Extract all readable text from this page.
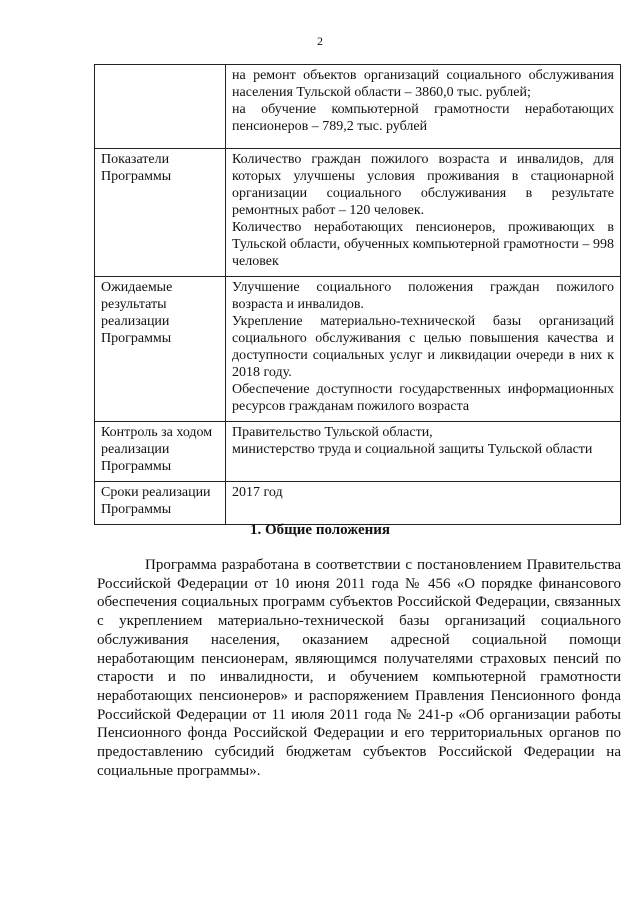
2

	на ремонт объектов организаций социального обслуживания населения Тульской области – 3860,0 тыс. рублей;

на обучение компьютерной грамотности неработающих пенсионеров – 789,2 тыс. рублей

Показатели Программы	Количество граждан пожилого возраста и инвалидов, для которых улучшены условия проживания в стационарной организации социального обслуживания в результате ремонтных работ – 120 человек.

Количество неработающих пенсионеров, проживающих в Тульской области, обученных компьютерной грамотности – 998 человек

Ожидаемые результаты реализации Программы	Улучшение социального положения граждан пожилого возраста и инвалидов.

Укрепление материально-технической базы организаций социального обслуживания с целью повышения качества и доступности социальных услуг и ликвидации очереди в них к 2018 году.

Обеспечение доступности государственных информационных ресурсов гражданам пожилого возраста

Контроль за ходом реализации Программы	Правительство Тульской области,

министерство труда и социальной защиты Тульской области

Сроки реализации Программы	2017 год

1. Общие положения

Программа разработана в соответствии с постановлением Правительства Российской Федерации от 10 июня 2011 года № 456 «О порядке финансового обеспечения социальных программ субъектов Российской Федерации, связанных с укреплением материально-технической базы организаций социального обслуживания населения, оказанием адресной социальной помощи неработающим пенсионерам, являющимся получателями страховых пенсий по старости и по инвалидности, и обучением компьютерной грамотности неработающих пенсионеров» и распоряжением Правления Пенсионного фонда Российской Федерации от 11 июля 2011 года № 241-р «Об организации работы Пенсионного фонда Российской Федерации и его территориальных органов по предоставлению субсидий бюджетам субъектов Российской Федерации на социальные программы».
